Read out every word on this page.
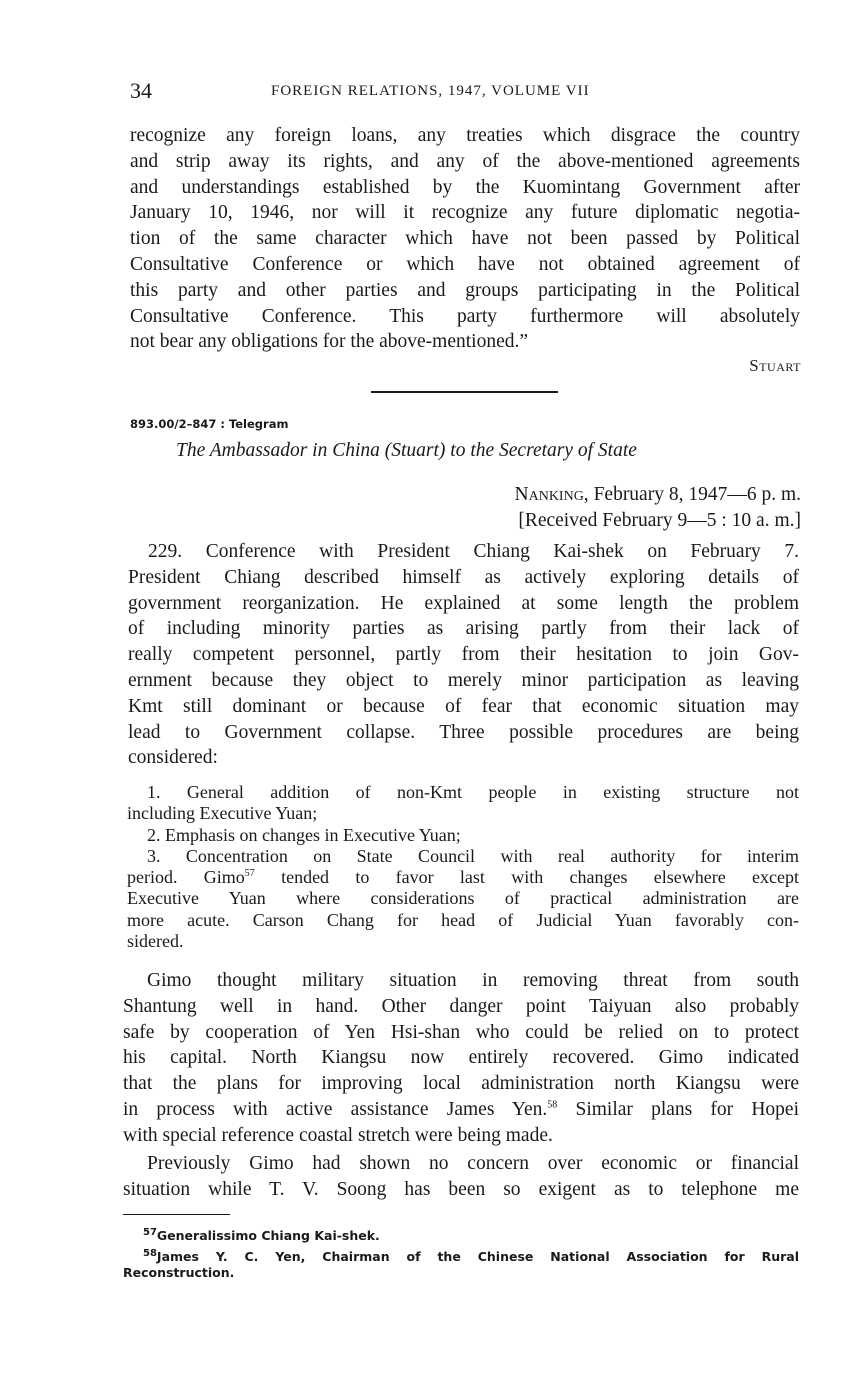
34	FOREIGN RELATIONS, 1947, VOLUME VII
recognize any foreign loans, any treaties which disgrace the country
and strip away its rights, and any of the above-mentioned agreements
and understandings established by the Kuomintang Government after
January 10, 1946, nor will it recognize any future diplomatic negotia-
tion of the same character which have not been passed by Political
Consultative Conference or which have not obtained agreement of
this party and other parties and groups participating in the Political
Consultative Conference. This party furthermore will absolutely
not bear any obligations for the above-mentioned.”
Stuart
893.00/2–847 : Telegram
The Ambassador in China (Stuart) to the Secretary of State
Nanking, February 8, 1947—6 p. m.
[Received February 9—5 : 10 a. m.]
229. Conference with President Chiang Kai-shek on February 7.
President Chiang described himself as actively exploring details of
government reorganization. He explained at some length the problem
of including minority parties as arising partly from their lack of
really competent personnel, partly from their hesitation to join Gov-
ernment because they object to merely minor participation as leaving
Kmt still dominant or because of fear that economic situation may
lead to Government collapse. Three possible procedures are being
considered:
1. General addition of non-Kmt people in existing structure not
including Executive Yuan;
2. Emphasis on changes in Executive Yuan;
3. Concentration on State Council with real authority for interim
period. Gimo$^{57}$ tended to favor last with changes elsewhere except
Executive Yuan where considerations of practical administration are
more acute. Carson Chang for head of Judicial Yuan favorably con-
sidered.
Gimo thought military situation in removing threat from south
Shantung well in hand. Other danger point Taiyuan also probably
safe by cooperation of Yen Hsi-shan who could be relied on to protect
his capital. North Kiangsu now entirely recovered. Gimo indicated
that the plans for improving local administration north Kiangsu were
in process with active assistance James Yen.$^{58}$ Similar plans for Hopei
with special reference coastal stretch were being made.
Previously Gimo had shown no concern over economic or financial
situation while T. V. Soong has been so exigent as to telephone me
$^{57}$Generalissimo Chiang Kai-shek.
$^{58}$James Y. C. Yen, Chairman of the Chinese National Association for Rural
Reconstruction.
